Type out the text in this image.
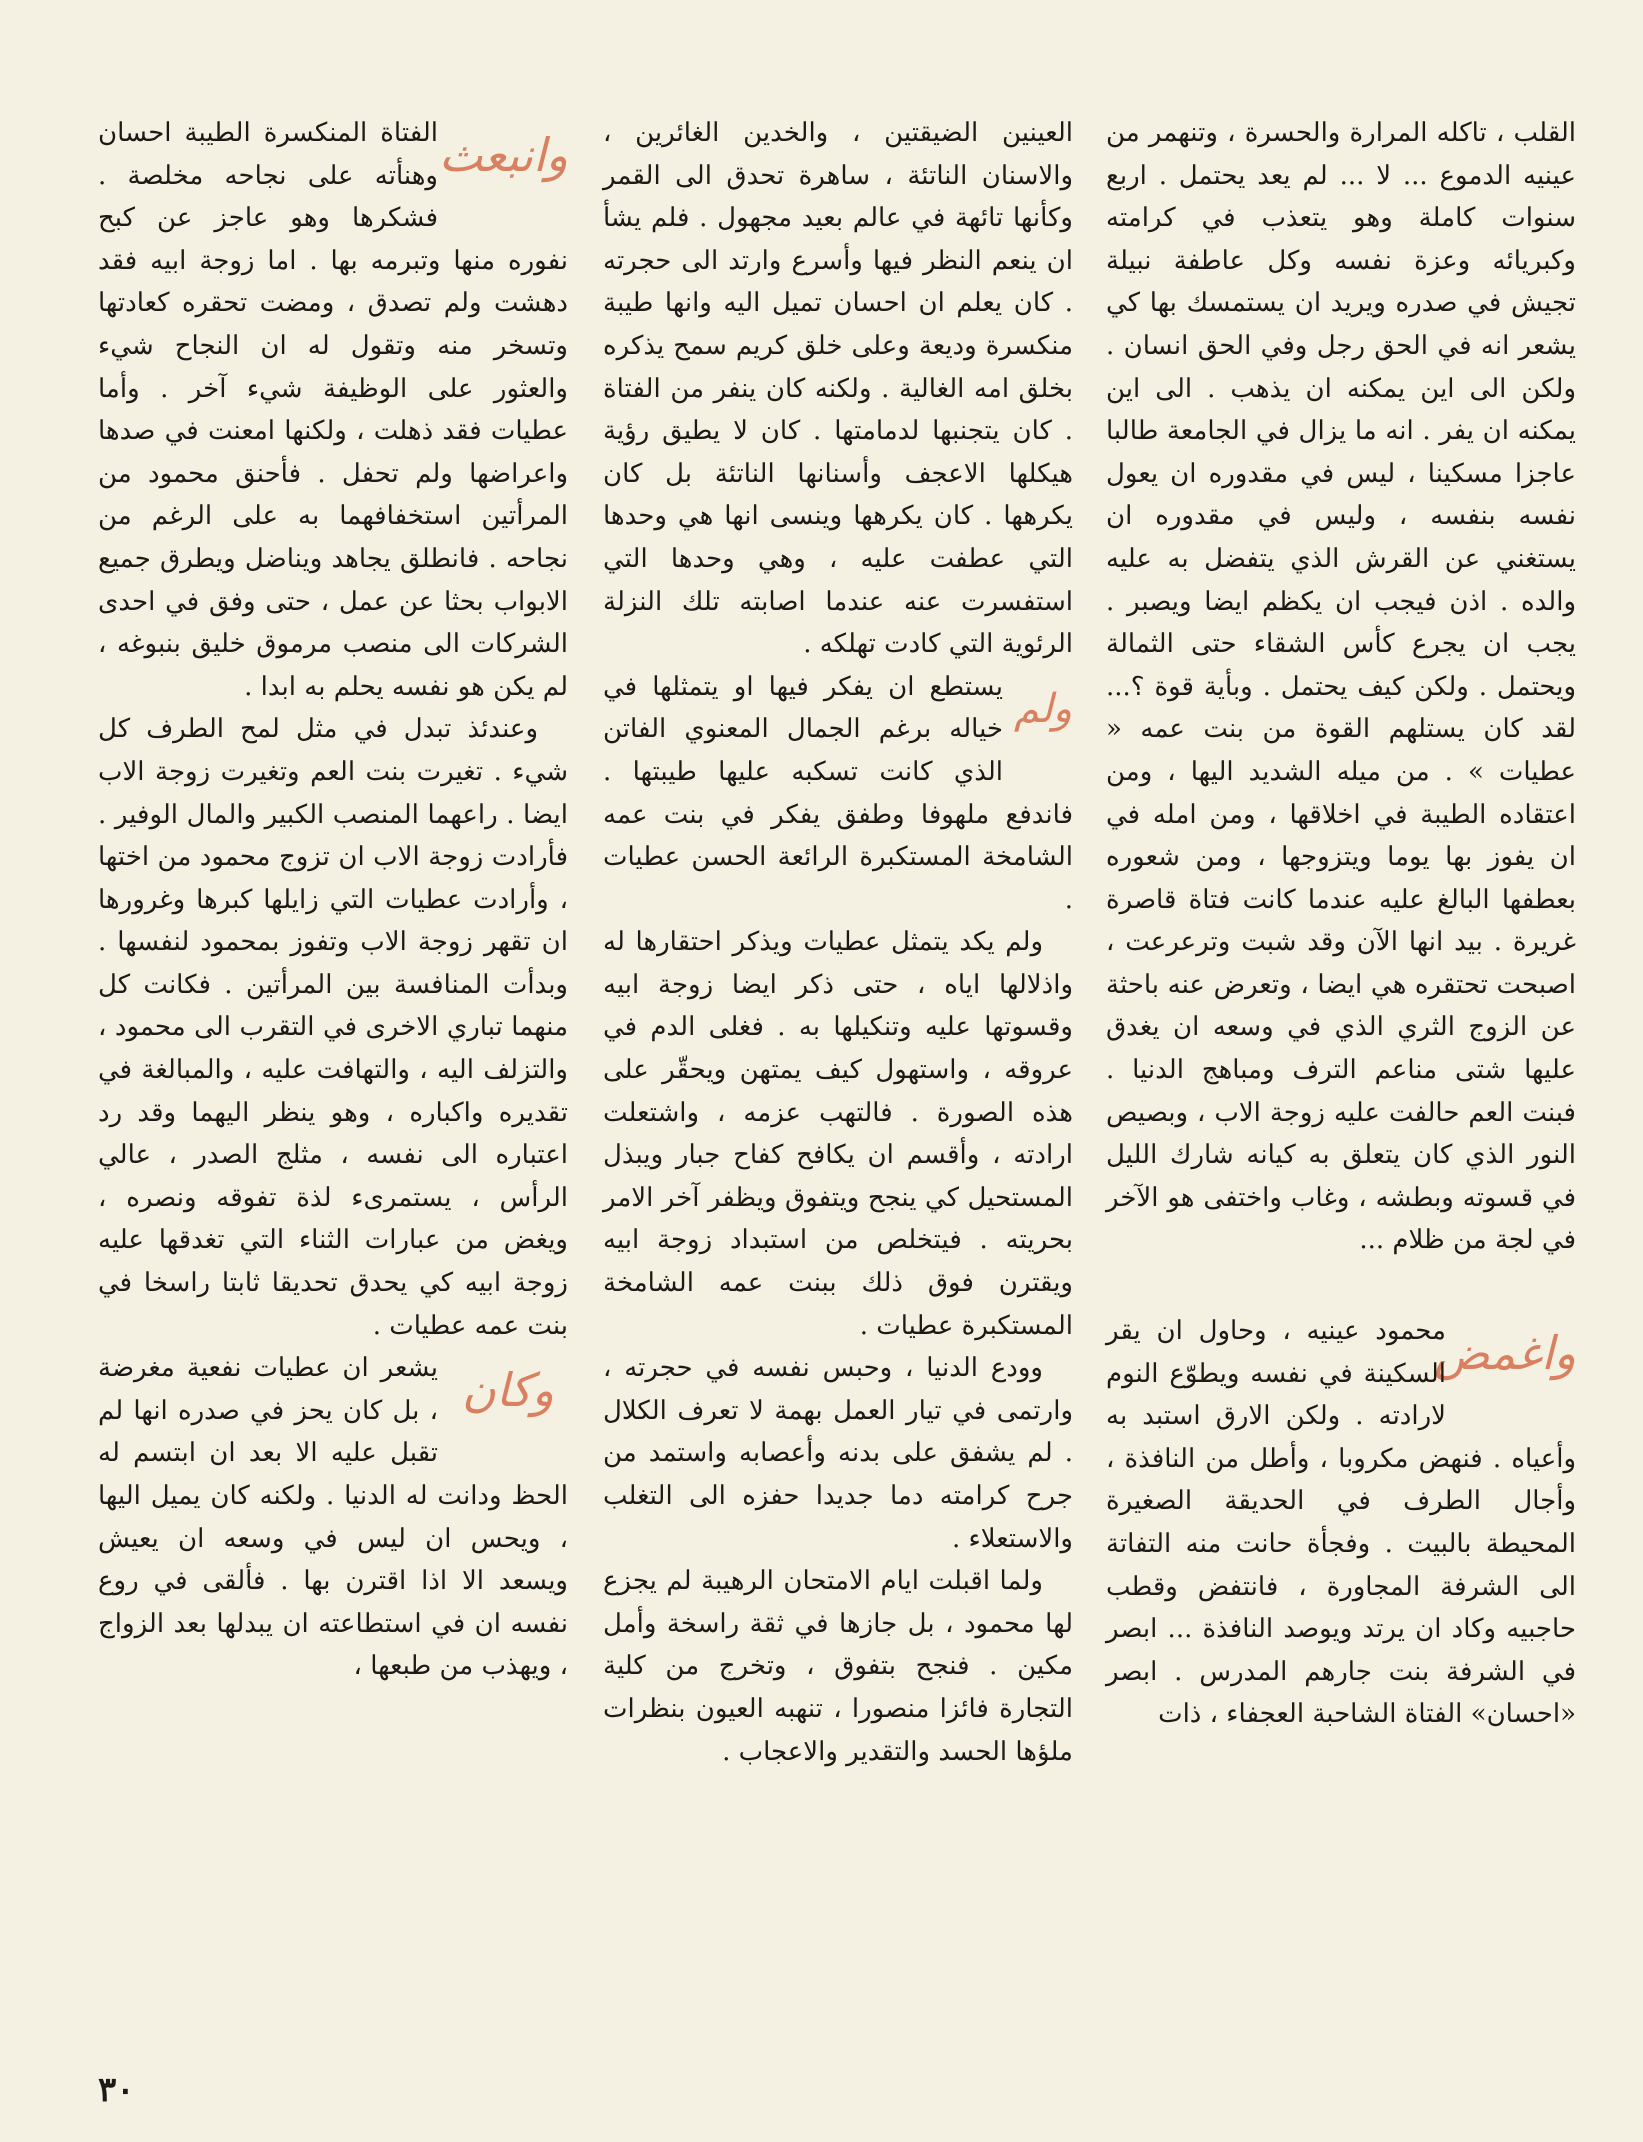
القلب ، تاكله المرارة والحسرة ، وتنهمر من عينيه الدموع ... لا ... لم يعد يحتمل . اربع سنوات كاملة وهو يتعذب في كرامته وكبريائه وعزة نفسه وكل عاطفة نبيلة تجيش في صدره ويريد ان يستمسك بها كي يشعر انه في الحق رجل وفي الحق انسان . ولكن الى اين يمكنه ان يذهب . الى اين يمكنه ان يفر . انه ما يزال في الجامعة طالبا عاجزا مسكينا ، ليس في مقدوره ان يعول نفسه بنفسه ، وليس في مقدوره ان يستغني عن القرش الذي يتفضل به عليه والده . اذن فيجب ان يكظم ايضا ويصبر . يجب ان يجرع كأس الشقاء حتى الثمالة ويحتمل . ولكن كيف يحتمل . وبأية قوة ؟... لقد كان يستلهم القوة من بنت عمه « عطيات » . من ميله الشديد اليها ، ومن اعتقاده الطيبة في اخلاقها ، ومن امله في ان يفوز بها يوما ويتزوجها ، ومن شعوره بعطفها البالغ عليه عندما كانت فتاة قاصرة غريرة . بيد انها الآن وقد شبت وترعرعت ، اصبحت تحتقره هي ايضا ، وتعرض عنه باحثة عن الزوج الثري الذي في وسعه ان يغدق عليها شتى مناعم الترف ومباهج الدنيا . فبنت العم حالفت عليه زوجة الاب ، وبصيص النور الذي كان يتعلق به كيانه شارك الليل في قسوته وبطشه ، وغاب واختفى هو الآخر في لجة من ظلام ...

واغمض
محمود عينيه ، وحاول ان يقر السكينة في نفسه ويطوّع النوم لارادته . ولكن الارق استبد به وأعياه . فنهض مكروبا ، وأطل من النافذة ، وأجال الطرف في الحديقة الصغيرة المحيطة بالبيت . وفجأة حانت منه التفاتة الى الشرفة المجاورة ، فانتفض وقطب حاجبيه وكاد ان يرتد ويوصد النافذة ... ابصر في الشرفة بنت جارهم المدرس . ابصر «احسان» الفتاة الشاحبة العجفاء ، ذات

العينين الضيقتين ، والخدين الغائرين ، والاسنان الناتئة ، ساهرة تحدق الى القمر وكأنها تائهة في عالم بعيد مجهول . فلم يشأ ان ينعم النظر فيها وأسرع وارتد الى حجرته . كان يعلم ان احسان تميل اليه وانها طيبة منكسرة وديعة وعلى خلق كريم سمح يذكره بخلق امه الغالية . ولكنه كان ينفر من الفتاة . كان يتجنبها لدمامتها . كان لا يطيق رؤية هيكلها الاعجف وأسنانها الناتئة بل كان يكرهها . كان يكرهها وينسى انها هي وحدها التي عطفت عليه ، وهي وحدها التي استفسرت عنه عندما اصابته تلك النزلة الرئوية التي كادت تهلكه .

ولم
يستطع ان يفكر فيها او يتمثلها في خياله برغم الجمال المعنوي الفاتن الذي كانت تسكبه عليها طيبتها . فاندفع ملهوفا وطفق يفكر في بنت عمه الشامخة المستكبرة الرائعة الحسن عطيات .

ولم يكد يتمثل عطيات ويذكر احتقارها له واذلالها اياه ، حتى ذكر ايضا زوجة ابيه وقسوتها عليه وتنكيلها به . فغلى الدم في عروقه ، واستهول كيف يمتهن ويحقّر على هذه الصورة . فالتهب عزمه ، واشتعلت ارادته ، وأقسم ان يكافح كفاح جبار ويبذل المستحيل كي ينجح ويتفوق ويظفر آخر الامر بحريته . فيتخلص من استبداد زوجة ابيه ويقترن فوق ذلك ببنت عمه الشامخة المستكبرة عطيات .

وودع الدنيا ، وحبس نفسه في حجرته ، وارتمى في تيار العمل بهمة لا تعرف الكلال . لم يشفق على بدنه وأعصابه واستمد من جرح كرامته دما جديدا حفزه الى التغلب والاستعلاء .

ولما اقبلت ايام الامتحان الرهيبة لم يجزع لها محمود ، بل جازها في ثقة راسخة وأمل مكين . فنجح بتفوق ، وتخرج من كلية التجارة فائزا منصورا ، تنهبه العيون بنظرات ملؤها الحسد والتقدير والاعجاب .

وانبعث
الفتاة المنكسرة الطيبة احسان وهنأته على نجاحه مخلصة . فشكرها وهو عاجز عن كبح نفوره منها وتبرمه بها . اما زوجة ابيه فقد دهشت ولم تصدق ، ومضت تحقره كعادتها وتسخر منه وتقول له ان النجاح شيء والعثور على الوظيفة شيء آخر . وأما عطيات فقد ذهلت ، ولكنها امعنت في صدها واعراضها ولم تحفل . فأحنق محمود من المرأتين استخفافهما به على الرغم من نجاحه . فانطلق يجاهد ويناضل ويطرق جميع الابواب بحثا عن عمل ، حتى وفق في احدى الشركات الى منصب مرموق خليق بنبوغه ، لم يكن هو نفسه يحلم به ابدا .

وعندئذ تبدل في مثل لمح الطرف كل شيء . تغيرت بنت العم وتغيرت زوجة الاب ايضا . راعهما المنصب الكبير والمال الوفير . فأرادت زوجة الاب ان تزوج محمود من اختها ، وأرادت عطيات التي زايلها كبرها وغرورها ان تقهر زوجة الاب وتفوز بمحمود لنفسها . وبدأت المنافسة بين المرأتين . فكانت كل منهما تباري الاخرى في التقرب الى محمود ، والتزلف اليه ، والتهافت عليه ، والمبالغة في تقديره واكباره ، وهو ينظر اليهما وقد رد اعتباره الى نفسه ، مثلج الصدر ، عالي الرأس ، يستمرىء لذة تفوقه ونصره ، ويغض من عبارات الثناء التي تغدقها عليه زوجة ابيه كي يحدق تحديقا ثابتا راسخا في بنت عمه عطيات .

وكان
يشعر ان عطيات نفعية مغرضة ، بل كان يحز في صدره انها لم تقبل عليه الا بعد ان ابتسم له الحظ ودانت له الدنيا . ولكنه كان يميل اليها ، ويحس ان ليس في وسعه ان يعيش ويسعد الا اذا اقترن بها . فألقى في روع نفسه ان في استطاعته ان يبدلها بعد الزواج ، ويهذب من طبعها ،

٣٠
